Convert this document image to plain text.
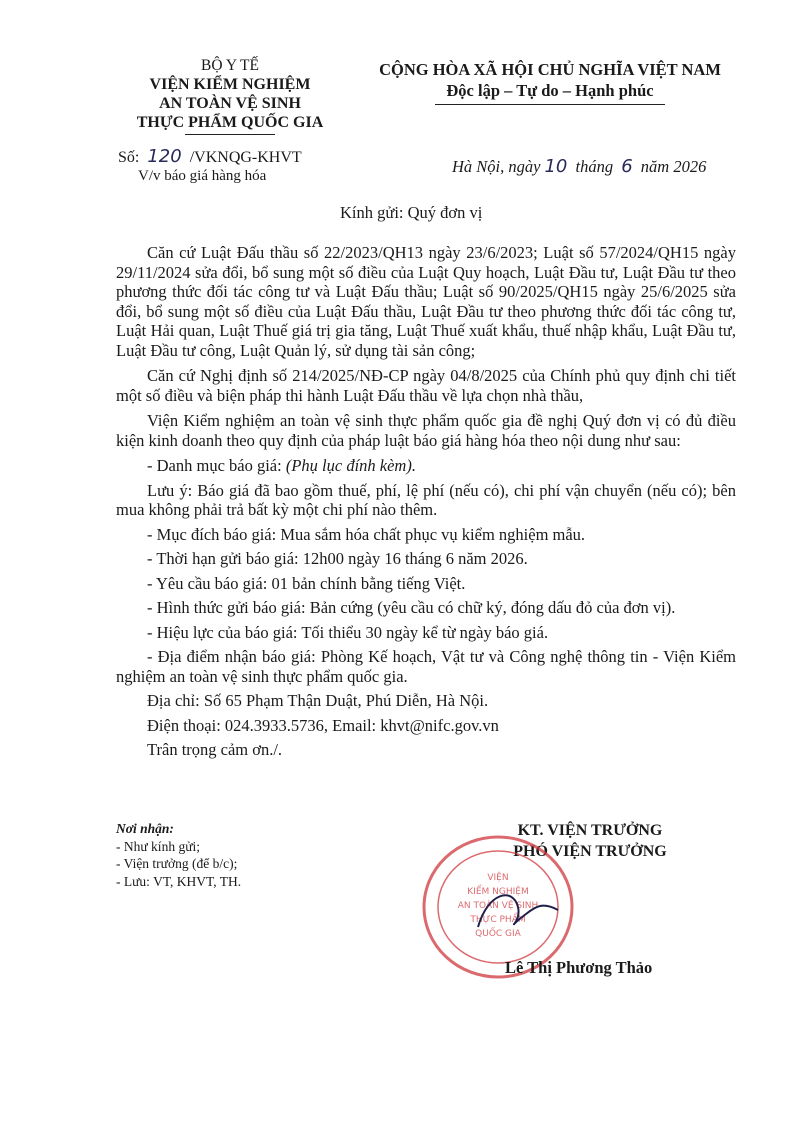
BỘ Y TẾ
VIỆN KIỂM NGHIỆM
AN TOÀN VỆ SINH
THỰC PHẨM QUỐC GIA
Số: 120 /VKNQG-KHVT
V/v báo giá hàng hóa
CỘNG HÒA XÃ HỘI CHỦ NGHĨA VIỆT NAM
Độc lập – Tự do – Hạnh phúc
Hà Nội, ngày 10 tháng 6 năm 2026
Kính gửi: Quý đơn vị

Căn cứ Luật Đấu thầu số 22/2023/QH13 ngày 23/6/2023; Luật số 57/2024/QH15 ngày 29/11/2024 sửa đổi, bổ sung một số điều của Luật Quy hoạch, Luật Đầu tư, Luật Đầu tư theo phương thức đối tác công tư và Luật Đấu thầu; Luật số 90/2025/QH15 ngày 25/6/2025 sửa đổi, bổ sung một số điều của Luật Đấu thầu, Luật Đầu tư theo phương thức đối tác công tư, Luật Hải quan, Luật Thuế giá trị gia tăng, Luật Thuế xuất khẩu, thuế nhập khẩu, Luật Đầu tư, Luật Đầu tư công, Luật Quản lý, sử dụng tài sản công;

Căn cứ Nghị định số 214/2025/NĐ-CP ngày 04/8/2025 của Chính phủ quy định chi tiết một số điều và biện pháp thi hành Luật Đấu thầu về lựa chọn nhà thầu,

Viện Kiểm nghiệm an toàn vệ sinh thực phẩm quốc gia đề nghị Quý đơn vị có đủ điều kiện kinh doanh theo quy định của pháp luật báo giá hàng hóa theo nội dung như sau:

- Danh mục báo giá: (Phụ lục đính kèm).

Lưu ý: Báo giá đã bao gồm thuế, phí, lệ phí (nếu có), chi phí vận chuyển (nếu có); bên mua không phải trả bất kỳ một chi phí nào thêm.

- Mục đích báo giá: Mua sắm hóa chất phục vụ kiểm nghiệm mẫu.

- Thời hạn gửi báo giá: 12h00 ngày 16 tháng 6 năm 2026.

- Yêu cầu báo giá: 01 bản chính bằng tiếng Việt.

- Hình thức gửi báo giá: Bản cứng (yêu cầu có chữ ký, đóng dấu đỏ của đơn vị).

- Hiệu lực của báo giá: Tối thiểu 30 ngày kể từ ngày báo giá.

- Địa điểm nhận báo giá: Phòng Kế hoạch, Vật tư và Công nghệ thông tin - Viện Kiểm nghiệm an toàn vệ sinh thực phẩm quốc gia.

Địa chỉ: Số 65 Phạm Thận Duật, Phú Diễn, Hà Nội.

Điện thoại: 024.3933.5736, Email: khvt@nifc.gov.vn

Trân trọng cảm ơn./.

Nơi nhận:
- Như kính gửi;
- Viện trưởng (để b/c);
- Lưu: VT, KHVT, TH.
KT. VIỆN TRƯỞNG
PHÓ VIỆN TRƯỞNG
VIỆN
KIỂM NGHIỆM
AN TOÀN VỆ SINH
THỰC PHẨM
QUỐC GIA
Lê Thị Phương Thảo
